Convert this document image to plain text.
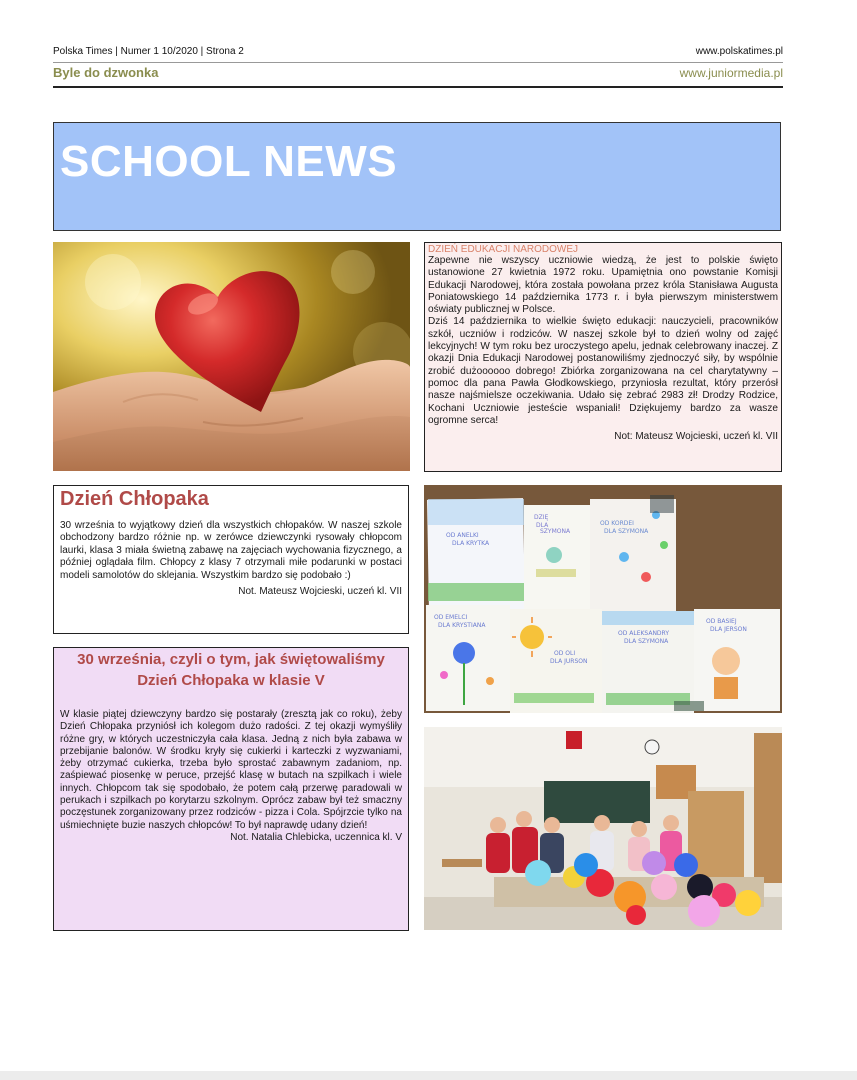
Polska Times | Numer 1 10/2020 | Strona 2	www.polskatimes.pl
Byle do dzwonka	www.juniormedia.pl
SCHOOL NEWS
DZIEŃ EDUKACJI NARODOWEJ

Zapewne nie wszyscy uczniowie wiedzą, że jest to polskie święto ustanowione 27 kwietnia 1972 roku. Upamiętnia ono powstanie Komisji Edukacji Narodowej, która została powołana przez króla Stanisława Augusta Poniatowskiego 14 października 1773 r. i była pierwszym ministerstwem oświaty publicznej w Polsce.

Dziś 14 października to wielkie święto edukacji: nauczycieli, pracowników szkół, uczniów i rodziców. W naszej szkole był to dzień wolny od zajęć lekcyjnych! W tym roku bez uroczystego apelu, jednak celebrowany inaczej. Z okazji Dnia Edukacji Narodowej postanowiliśmy zjednoczyć siły, by wspólnie zrobić dużoooooo dobrego! Zbiórka zorganizowana na cel charytatywny – pomoc dla pana Pawła Głodkowskiego, przyniosła rezultat, który przerósł nasze najśmielsze oczekiwania. Udało się zebrać 2983 zł! Drodzy Rodzice, Kochani Uczniowie jesteście wspaniali! Dziękujemy bardzo za wasze ogromne serca!

Not: Mateusz Wojcieski, uczeń kl. VII
Dzień Chłopaka
30 września to wyjątkowy dzień dla wszystkich chłopaków. W naszej szkole obchodzony bardzo różnie np. w zerówce dziewczynki rysowały chłopcom laurki, klasa 3 miała świetną zabawę na zajęciach wychowania fizycznego, a później oglądała film. Chłopcy z klasy 7 otrzymali miłe podarunki w postaci modeli samolotów do sklejania. Wszystkim bardzo się podobało :)
Not. Mateusz Wojcieski, uczeń kl. VII
OD ANELKI
DLA KRYTKA
DZIĘ
DLA
SZYMONA
OD KORDEI
DLA SZYMONA
OD EMELCI
DLA KRYSTIANA
OD OLI
DLA JURSON
OD ALEKSANDRY
DLA SZYMONA
OD BASIEJ
DLA JERSON
30 września, czyli o tym, jak świętowaliśmy Dzień Chłopaka w klasie V
W klasie piątej dziewczyny bardzo się postarały (zresztą jak co roku), żeby Dzień Chłopaka przyniósł ich kolegom dużo radości. Z tej okazji wymyśliły różne gry, w których uczestniczyła cała klasa. Jedną z nich była zabawa w przebijanie balonów. W środku kryły się cukierki i karteczki z wyzwaniami, żeby otrzymać cukierka, trzeba było sprostać zabawnym zadaniom, np. zaśpiewać piosenkę w peruce, przejść klasę w butach na szpilkach i wiele innych. Chłopcom tak się spodobało, że potem całą przerwę paradowali w perukach i szpilkach po korytarzu szkolnym. Oprócz zabaw był też smaczny poczęstunek zorganizowany przez rodziców - pizza i Cola. Spójrzcie tylko na uśmiechnięte buzie naszych chłopców! To był naprawdę udany dzień!
Not. Natalia Chlebicka, uczennica kl. V
